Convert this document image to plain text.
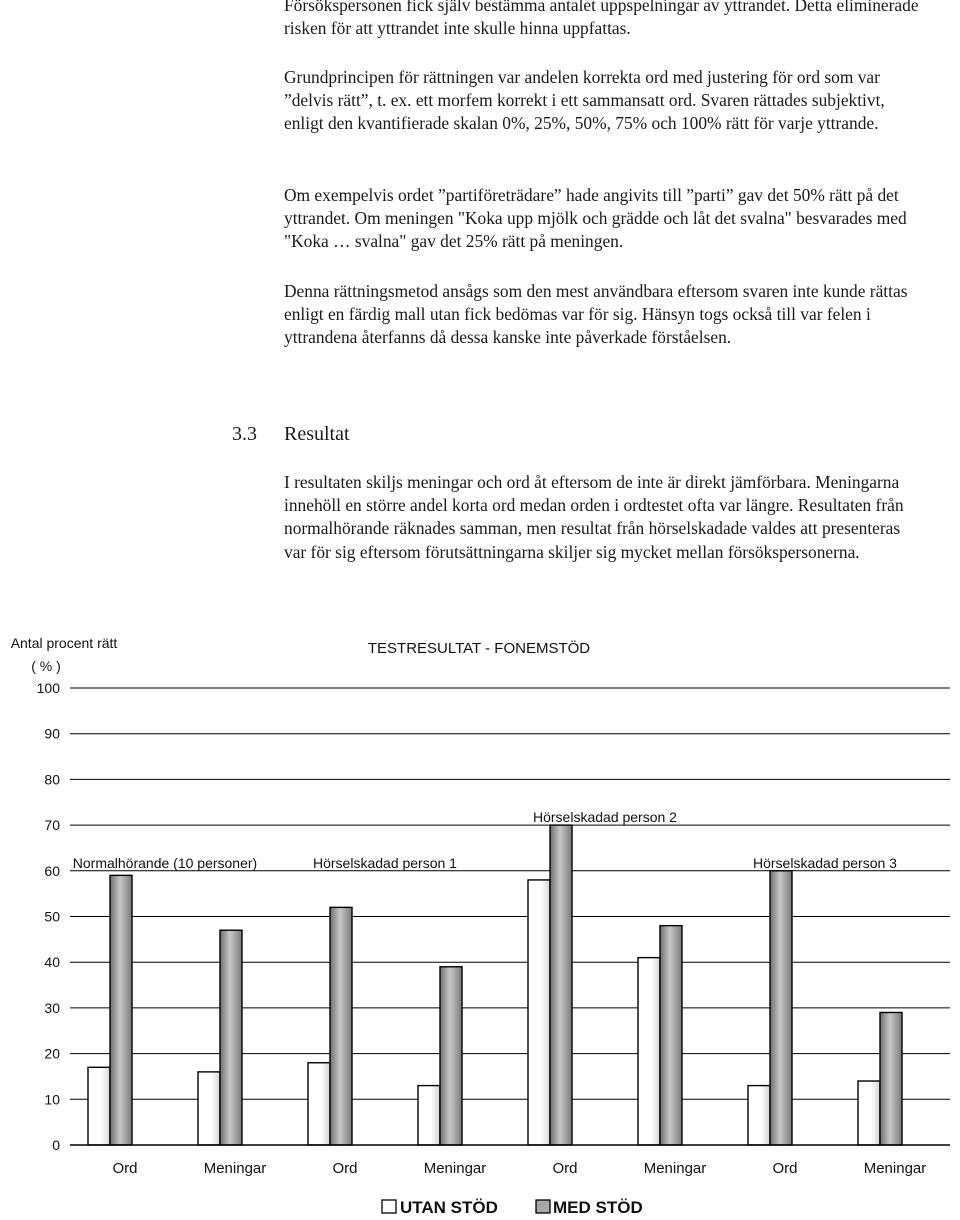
Försökspersonen fick själv bestämma antalet uppspelningar av yttrandet. Detta eliminerade risken för att yttrandet inte skulle hinna uppfattas.

Grundprincipen för rättningen var andelen korrekta ord med justering för ord som var ”delvis rätt”, t. ex. ett morfem korrekt i ett sammansatt ord. Svaren rättades subjektivt, enligt den kvantifierade skalan 0%, 25%, 50%, 75% och 100% rätt för varje yttrande.

Om exempelvis ordet ”partiföreträdare” hade angivits till ”parti” gav det 50% rätt på det yttrandet. Om meningen "Koka upp mjölk och grädde och låt det svalna" besvarades med "Koka … svalna" gav det 25% rätt på meningen.

Denna rättningsmetod ansågs som den mest användbara eftersom svaren inte kunde rättas enligt en färdig mall utan fick bedömas var för sig. Hänsyn togs också till var felen i yttrandena återfanns då dessa kanske inte påverkade förståelsen.

3.3 Resultat

I resultaten skiljs meningar och ord åt eftersom de inte är direkt jämförbara. Meningarna innehöll en större andel korta ord medan orden i ordtestet ofta var längre. Resultaten från normalhörande räknades samman, men resultat från hörselskadade valdes att presenteras var för sig eftersom förutsättningarna skiljer sig mycket mellan försökspersonerna.

0
10
20
30
40
50
60
70
80
90
100
Ord	Meningar	Ord	Meningar	Ord	Meningar	Ord	Meningar
Normalhörande (10 personer)	Hörselskadad person 1
Hörselskadad person 2
Hörselskadad person 3
Antal procent rätt
( % )
TESTRESULTAT - FONEMSTÖD
UTAN STÖD	MED STÖD
